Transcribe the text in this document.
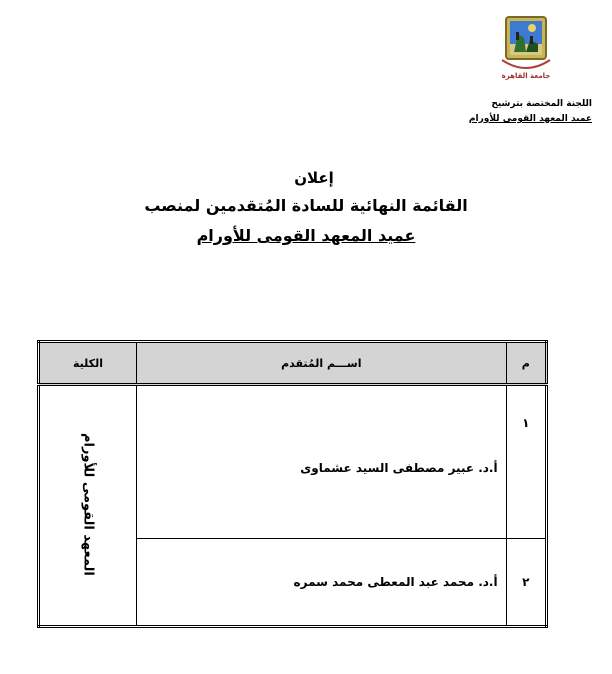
جامعة القاهرة
اللجنة المختصة بترشيح
عميد المعهد القومى للأورام
إعلان
القائمة النهائية للسادة المُتقدمين لمنصب
عميد المعهد القومى للأورام
م	اســـم المُتقدم	الكلية
١	أ.د. عبير مصطفى السيد عشماوى	المعهد القومى للأورام
٢	أ.د. محمد عبد المعطى محمد سمره	
